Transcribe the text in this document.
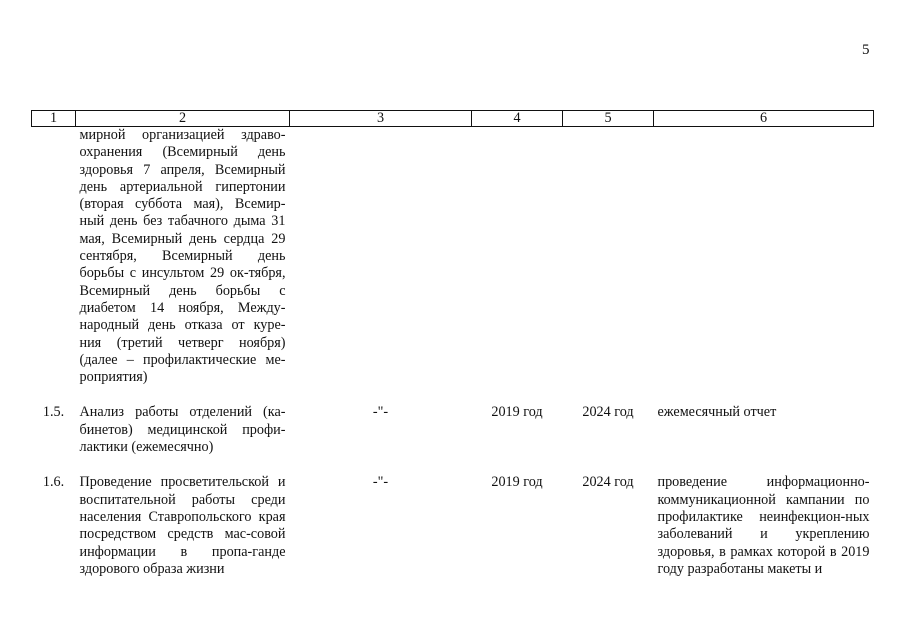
5
1	2	3	4	5	6

	мирной организацией здраво-охранения (Всемирный день здоровья 7 апреля, Всемирный день артериальной гипертонии (вторая суббота мая), Всемир-ный день без табачного дыма 31 мая, Всемирный день сердца 29 сентября, Всемирный день борьбы с инсультом 29 ок-тября, Всемирный день борьбы с диабетом 14 ноября, Между-народный день отказа от куре-ния (третий четверг ноября) (далее – профилактические ме-роприятия)				

1.5.	Анализ работы отделений (ка-бинетов) медицинской профи-лактики (ежемесячно)	-"-	2019 год	2024 год	ежемесячный отчет

1.6.	Проведение просветительской и воспитательной работы среди населения Ставропольского края посредством средств мас-совой информации в пропа-ганде здорового образа жизни	-"-	2019 год	2024 год	проведение информационно-коммуникационной кампании по профилактике неинфекцион-ных заболеваний и укреплению здоровья, в рамках которой в 2019 году разработаны макеты и
